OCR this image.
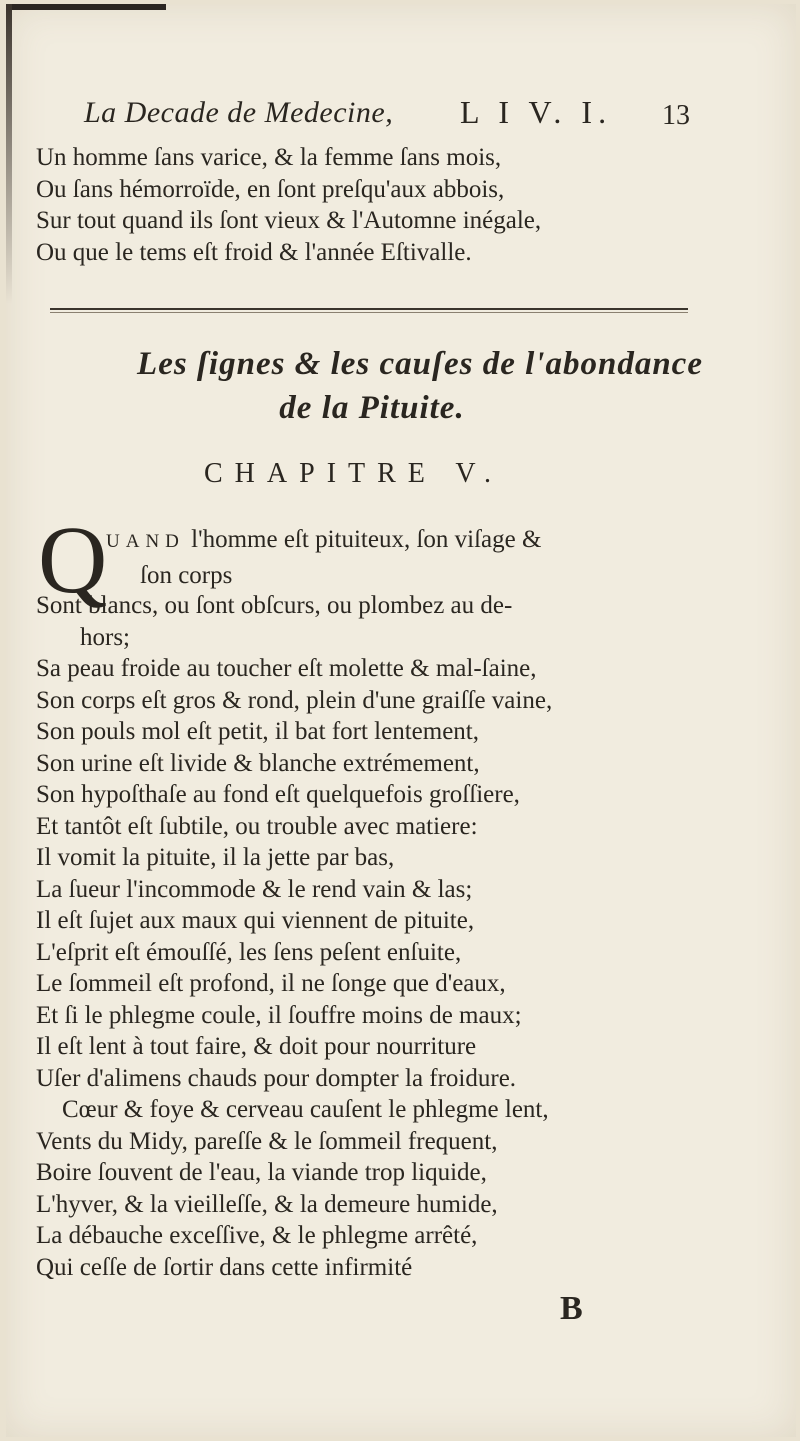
La Decade de Medecine, L I V. I. 13
Un homme ſans varice, & la femme ſans mois,
Ou ſans hémorroïde, en ſont preſqu'aux abbois,
Sur tout quand ils ſont vieux & l'Automne inégale,
Ou que le tems eſt froid & l'année Eſtivalle.
Les ſignes & les cauſes de l'abondance
de la Pituite.
CHAPITRE V.
Q
UAND l'homme eſt pituiteux, ſon viſage &
ſon corps
Sont blancs, ou ſont obſcurs, ou plombez au de-
hors;
Sa peau froide au toucher eſt molette & mal-ſaine,
Son corps eſt gros & rond, plein d'une graiſſe vaine,
Son pouls mol eſt petit, il bat fort lentement,
Son urine eſt livide & blanche extrémement,
Son hypoſthaſe au fond eſt quelquefois groſſiere,
Et tantôt eſt ſubtile, ou trouble avec matiere:
Il vomit la pituite, il la jette par bas,
La ſueur l'incommode & le rend vain & las;
Il eſt ſujet aux maux qui viennent de pituite,
L'eſprit eſt émouſſé, les ſens peſent enſuite,
Le ſommeil eſt profond, il ne ſonge que d'eaux,
Et ſi le phlegme coule, il ſouffre moins de maux;
Il eſt lent à tout faire, & doit pour nourriture
Uſer d'alimens chauds pour dompter la froidure.
Cœur & foye & cerveau cauſent le phlegme lent,
Vents du Midy, pareſſe & le ſommeil frequent,
Boire ſouvent de l'eau, la viande trop liquide,
L'hyver, & la vieilleſſe, & la demeure humide,
La débauche exceſſive, & le phlegme arrêté,
Qui ceſſe de ſortir dans cette infirmité
B
